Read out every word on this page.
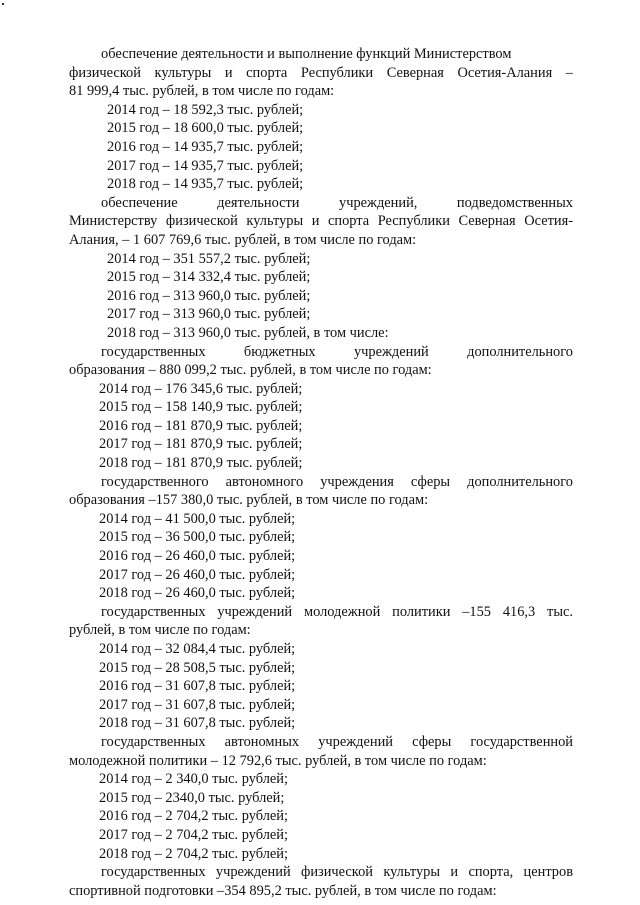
обеспечение деятельности и выполнение функций Министерством
физической культуры и спорта Республики Северная Осетия-Алания –
81 999,4 тыс. рублей, в том числе по годам:
2014 год – 18 592,3 тыс. рублей;
2015 год – 18 600,0 тыс. рублей;
2016 год – 14 935,7 тыс. рублей;
2017 год – 14 935,7 тыс. рублей;
2018 год – 14 935,7 тыс. рублей;
обеспечение деятельности учреждений, подведомственных
Министерству физической культуры и спорта Республики Северная Осетия-
Алания, – 1 607 769,6 тыс. рублей, в том числе по годам:
2014 год – 351 557,2 тыс. рублей;
2015 год – 314 332,4 тыс. рублей;
2016 год – 313 960,0 тыс. рублей;
2017 год – 313 960,0 тыс. рублей;
2018 год – 313 960,0 тыс. рублей, в том числе:
государственных бюджетных учреждений дополнительного
образования – 880 099,2 тыс. рублей, в том числе по годам:
2014 год – 176 345,6 тыс. рублей;
2015 год – 158 140,9 тыс. рублей;
2016 год – 181 870,9 тыс. рублей;
2017 год – 181 870,9 тыс. рублей;
2018 год – 181 870,9 тыс. рублей;
государственного автономного учреждения сферы дополнительного
образования –157 380,0 тыс. рублей, в том числе по годам:
2014 год – 41 500,0 тыс. рублей;
2015 год – 36 500,0 тыс. рублей;
2016 год – 26 460,0 тыс. рублей;
2017 год – 26 460,0 тыс. рублей;
2018 год – 26 460,0 тыс. рублей;
государственных учреждений молодежной политики –155 416,3 тыс.
рублей, в том числе по годам:
2014 год – 32 084,4 тыс. рублей;
2015 год – 28 508,5 тыс. рублей;
2016 год – 31 607,8 тыс. рублей;
2017 год – 31 607,8 тыс. рублей;
2018 год – 31 607,8 тыс. рублей;
государственных автономных учреждений сферы государственной
молодежной политики – 12 792,6 тыс. рублей, в том числе по годам:
2014 год – 2 340,0 тыс. рублей;
2015 год – 2340,0 тыс. рублей;
2016 год – 2 704,2 тыс. рублей;
2017 год – 2 704,2 тыс. рублей;
2018 год – 2 704,2 тыс. рублей;
государственных учреждений физической культуры и спорта, центров
спортивной подготовки –354 895,2 тыс. рублей, в том числе по годам:
